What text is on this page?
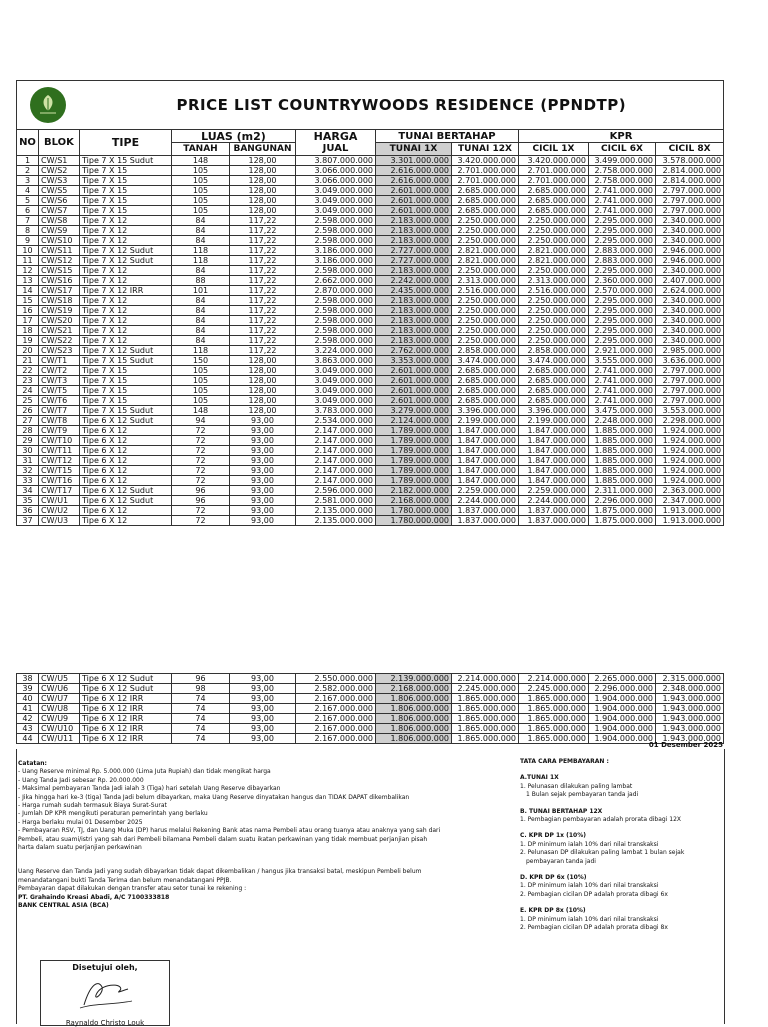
	PRICE LIST COUNTRYWOODS RESIDENCE (PPNDTP)								
NO	BLOK	TIPE	LUAS (m2)		HARGA	TUNAI BERTAHAP		KPR		
			TANAH	BANGUNAN	JUAL	TUNAI 1X	TUNAI 12X	CICIL 1X	CICIL 6X	CICIL 8X
1	CW/S1	Tipe 7 X 15 Sudut	148	128,00	3.807.000.000	3.301.000.000	3.420.000.000	3.420.000.000	3.499.000.000	3.578.000.000
2	CW/S2	Tipe 7 X 15	105	128,00	3.066.000.000	2.616.000.000	2.701.000.000	2.701.000.000	2.758.000.000	2.814.000.000
3	CW/S3	Tipe 7 X 15	105	128,00	3.066.000.000	2.616.000.000	2.701.000.000	2.701.000.000	2.758.000.000	2.814.000.000
4	CW/S5	Tipe 7 X 15	105	128,00	3.049.000.000	2.601.000.000	2.685.000.000	2.685.000.000	2.741.000.000	2.797.000.000
5	CW/S6	Tipe 7 X 15	105	128,00	3.049.000.000	2.601.000.000	2.685.000.000	2.685.000.000	2.741.000.000	2.797.000.000
6	CW/S7	Tipe 7 X 15	105	128,00	3.049.000.000	2.601.000.000	2.685.000.000	2.685.000.000	2.741.000.000	2.797.000.000
7	CW/S8	Tipe 7 X 12	84	117,22	2.598.000.000	2.183.000.000	2.250.000.000	2.250.000.000	2.295.000.000	2.340.000.000
8	CW/S9	Tipe 7 X 12	84	117,22	2.598.000.000	2.183.000.000	2.250.000.000	2.250.000.000	2.295.000.000	2.340.000.000
9	CW/S10	Tipe 7 X 12	84	117,22	2.598.000.000	2.183.000.000	2.250.000.000	2.250.000.000	2.295.000.000	2.340.000.000
10	CW/S11	Tipe 7 X 12 Sudut	118	117,22	3.186.000.000	2.727.000.000	2.821.000.000	2.821.000.000	2.883.000.000	2.946.000.000
11	CW/S12	Tipe 7 X 12 Sudut	118	117,22	3.186.000.000	2.727.000.000	2.821.000.000	2.821.000.000	2.883.000.000	2.946.000.000
12	CW/S15	Tipe 7 X 12	84	117,22	2.598.000.000	2.183.000.000	2.250.000.000	2.250.000.000	2.295.000.000	2.340.000.000
13	CW/S16	Tipe 7 X 12	88	117,22	2.662.000.000	2.242.000.000	2.313.000.000	2.313.000.000	2.360.000.000	2.407.000.000
14	CW/S17	Tipe 7 X 12 IRR	101	117,22	2.870.000.000	2.435.000.000	2.516.000.000	2.516.000.000	2.570.000.000	2.624.000.000
15	CW/S18	Tipe 7 X 12	84	117,22	2.598.000.000	2.183.000.000	2.250.000.000	2.250.000.000	2.295.000.000	2.340.000.000
16	CW/S19	Tipe 7 X 12	84	117,22	2.598.000.000	2.183.000.000	2.250.000.000	2.250.000.000	2.295.000.000	2.340.000.000
17	CW/S20	Tipe 7 X 12	84	117,22	2.598.000.000	2.183.000.000	2.250.000.000	2.250.000.000	2.295.000.000	2.340.000.000
18	CW/S21	Tipe 7 X 12	84	117,22	2.598.000.000	2.183.000.000	2.250.000.000	2.250.000.000	2.295.000.000	2.340.000.000
19	CW/S22	Tipe 7 X 12	84	117,22	2.598.000.000	2.183.000.000	2.250.000.000	2.250.000.000	2.295.000.000	2.340.000.000
20	CW/S23	Tipe 7 X 12 Sudut	118	117,22	3.224.000.000	2.762.000.000	2.858.000.000	2.858.000.000	2.921.000.000	2.985.000.000
21	CW/T1	Tipe 7 X 15 Sudut	150	128,00	3.863.000.000	3.353.000.000	3.474.000.000	3.474.000.000	3.555.000.000	3.636.000.000
22	CW/T2	Tipe 7 X 15	105	128,00	3.049.000.000	2.601.000.000	2.685.000.000	2.685.000.000	2.741.000.000	2.797.000.000
23	CW/T3	Tipe 7 X 15	105	128,00	3.049.000.000	2.601.000.000	2.685.000.000	2.685.000.000	2.741.000.000	2.797.000.000
24	CW/T5	Tipe 7 X 15	105	128,00	3.049.000.000	2.601.000.000	2.685.000.000	2.685.000.000	2.741.000.000	2.797.000.000
25	CW/T6	Tipe 7 X 15	105	128,00	3.049.000.000	2.601.000.000	2.685.000.000	2.685.000.000	2.741.000.000	2.797.000.000
26	CW/T7	Tipe 7 X 15 Sudut	148	128,00	3.783.000.000	3.279.000.000	3.396.000.000	3.396.000.000	3.475.000.000	3.553.000.000
27	CW/T8	Tipe 6 X 12 Sudut	94	93,00	2.534.000.000	2.124.000.000	2.199.000.000	2.199.000.000	2.248.000.000	2.298.000.000
28	CW/T9	Tipe 6 X 12	72	93,00	2.147.000.000	1.789.000.000	1.847.000.000	1.847.000.000	1.885.000.000	1.924.000.000
29	CW/T10	Tipe 6 X 12	72	93,00	2.147.000.000	1.789.000.000	1.847.000.000	1.847.000.000	1.885.000.000	1.924.000.000
30	CW/T11	Tipe 6 X 12	72	93,00	2.147.000.000	1.789.000.000	1.847.000.000	1.847.000.000	1.885.000.000	1.924.000.000
31	CW/T12	Tipe 6 X 12	72	93,00	2.147.000.000	1.789.000.000	1.847.000.000	1.847.000.000	1.885.000.000	1.924.000.000
32	CW/T15	Tipe 6 X 12	72	93,00	2.147.000.000	1.789.000.000	1.847.000.000	1.847.000.000	1.885.000.000	1.924.000.000
33	CW/T16	Tipe 6 X 12	72	93,00	2.147.000.000	1.789.000.000	1.847.000.000	1.847.000.000	1.885.000.000	1.924.000.000
34	CW/T17	Tipe 6 X 12 Sudut	96	93,00	2.596.000.000	2.182.000.000	2.259.000.000	2.259.000.000	2.311.000.000	2.363.000.000
35	CW/U1	Tipe 6 X 12 Sudut	96	93,00	2.581.000.000	2.168.000.000	2.244.000.000	2.244.000.000	2.296.000.000	2.347.000.000
36	CW/U2	Tipe 6 X 12	72	93,00	2.135.000.000	1.780.000.000	1.837.000.000	1.837.000.000	1.875.000.000	1.913.000.000
37	CW/U3	Tipe 6 X 12	72	93,00	2.135.000.000	1.780.000.000	1.837.000.000	1.837.000.000	1.875.000.000	1.913.000.000
38	CW/U5	Tipe 6 X 12 Sudut	96	93,00	2.550.000.000	2.139.000.000	2.214.000.000	2.214.000.000	2.265.000.000	2.315.000.000
39	CW/U6	Tipe 6 X 12 Sudut	98	93,00	2.582.000.000	2.168.000.000	2.245.000.000	2.245.000.000	2.296.000.000	2.348.000.000
40	CW/U7	Tipe 6 X 12 IRR	74	93,00	2.167.000.000	1.806.000.000	1.865.000.000	1.865.000.000	1.904.000.000	1.943.000.000
41	CW/U8	Tipe 6 X 12 IRR	74	93,00	2.167.000.000	1.806.000.000	1.865.000.000	1.865.000.000	1.904.000.000	1.943.000.000
42	CW/U9	Tipe 6 X 12 IRR	74	93,00	2.167.000.000	1.806.000.000	1.865.000.000	1.865.000.000	1.904.000.000	1.943.000.000
43	CW/U10	Tipe 6 X 12 IRR	74	93,00	2.167.000.000	1.806.000.000	1.865.000.000	1.865.000.000	1.904.000.000	1.943.000.000
44	CW/U11	Tipe 6 X 12 IRR	74	93,00	2.167.000.000	1.806.000.000	1.865.000.000	1.865.000.000	1.904.000.000	1.943.000.000
01 Desember 2025

Catatan:

- Uang Reserve minimal Rp. 5.000.000 (Lima Juta Rupiah) dan tidak mengikat harga

- Uang Tanda Jadi sebesar Rp. 20.000.000

- Maksimal pembayaran Tanda Jadi ialah 3 (Tiga) hari setelah Uang Reserve dibayarkan

- Jika hingga hari ke-3 (tiga) Tanda Jadi belum dibayarkan, maka Uang Reserve dinyatakan hangus dan TIDAK DAPAT dikembalikan

- Harga rumah sudah termasuk Biaya Surat-Surat

- Jumlah DP KPR mengikuti peraturan pemerintah yang berlaku

- Harga berlaku mulai 01 Desember 2025

- Pembayaran RSV, TJ, dan Uang Muka (DP) harus melalui Rekening Bank atas nama Pembeli atau orang tuanya atau anaknya yang sah dari

Pembeli, atau suami/istri yang sah dari Pembeli bilamana Pembeli dalam suatu ikatan perkawinan yang tidak membuat perjanjian pisah

harta dalam suatu perjanjian perkawinan

Uang Reserve dan Tanda Jadi yang sudah dibayarkan tidak dapat dikembalikan / hangus jika transaksi batal, meskipun Pembeli belum

menandatangani bukti Tanda Terima dan belum menandatangani PPJB.

Pembayaran dapat dilakukan dengan transfer atau setor tunai ke rekening :

PT. Grahaindo Kreasi Abadi, A/C 7100333818

BANK CENTRAL ASIA (BCA)

TATA CARA PEMBAYARAN :

A.TUNAI 1X

1. Pelunasan dilakukan paling lambat

1 Bulan sejak pembayaran tanda jadi

B. TUNAI BERTAHAP 12X

1. Pembagian pembayaran adalah prorata dibagi 12X

C. KPR DP 1x (10%)

1. DP minimum ialah 10% dari nilai transkaksi

2. Pelunasan DP dilakukan paling lambat 1 bulan sejak

pembayaran tanda jadi

D. KPR DP 6x (10%)

1. DP minimum ialah 10% dari nilai transkaksi

2. Pembagian cicilan DP adalah prorata dibagi 6x

E. KPR DP 8x (10%)

1. DP minimum ialah 10% dari nilai transkaksi

2. Pembagian cicilan DP adalah prorata dibagi 8x

Disetujui oleh,
Raynaldo Christo Louk
